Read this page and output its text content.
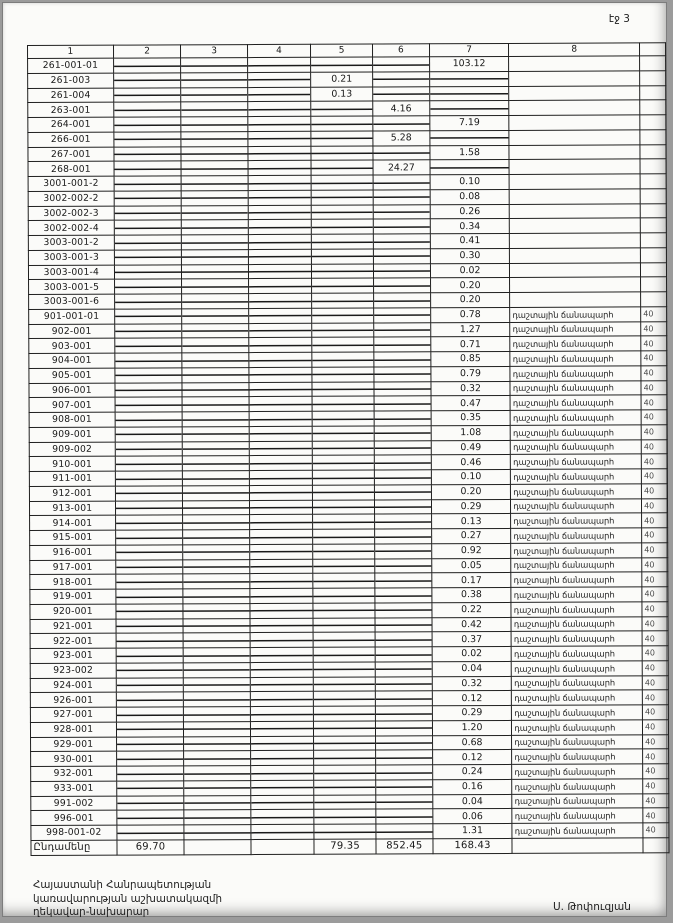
էջ 3
1	2	3	4	5	6	7	8	
261-001-01						103.12		
261-003				0.21				
261-004				0.13				
263-001					4.16			
264-001						7.19		
266-001					5.28			
267-001						1.58		
268-001					24.27			
3001-001-2						0.10		
3002-002-2						0.08		
3002-002-3						0.26		
3002-002-4						0.34		
3003-001-2						0.41		
3003-001-3						0.30		
3003-001-4						0.02		
3003-001-5						0.20		
3003-001-6						0.20		
901-001-01						0.78	դաշտային ճանապարհ	40
902-001						1.27	դաշտային ճանապարհ	40
903-001						0.71	դաշտային ճանապարհ	40
904-001						0.85	դաշտային ճանապարհ	40
905-001						0.79	դաշտային ճանապարհ	40
906-001						0.32	դաշտային ճանապարհ	40
907-001						0.47	դաշտային ճանապարհ	40
908-001						0.35	դաշտային ճանապարհ	40
909-001						1.08	դաշտային ճանապարհ	40
909-002						0.49	դաշտային ճանապարհ	40
910-001						0.46	դաշտային ճանապարհ	40
911-001						0.10	դաշտային ճանապարհ	40
912-001						0.20	դաշտային ճանապարհ	40
913-001						0.29	դաշտային ճանապարհ	40
914-001						0.13	դաշտային ճանապարհ	40
915-001						0.27	դաշտային ճանապարհ	40
916-001						0.92	դաշտային ճանապարհ	40
917-001						0.05	դաշտային ճանապարհ	40
918-001						0.17	դաշտային ճանապարհ	40
919-001						0.38	դաշտային ճանապարհ	40
920-001						0.22	դաշտային ճանապարհ	40
921-001						0.42	դաշտային ճանապարհ	40
922-001						0.37	դաշտային ճանապարհ	40
923-001						0.02	դաշտային ճանապարհ	40
923-002						0.04	դաշտային ճանապարհ	40
924-001						0.32	դաշտային ճանապարհ	40
926-001						0.12	դաշտային ճանապարհ	40
927-001						0.29	դաշտային ճանապարհ	40
928-001						1.20	դաշտային ճանապարհ	40
929-001						0.68	դաշտային ճանապարհ	40
930-001						0.12	դաշտային ճանապարհ	40
932-001						0.24	դաշտային ճանապարհ	40
933-001						0.16	դաշտային ճանապարհ	40
991-002						0.04	դաշտային ճանապարհ	40
996-001						0.06	դաշտային ճանապարհ	40
998-001-02						1.31	դաշտային ճանապարհ	40
Ընդամենը	69.70			79.35	852.45	168.43		
Հայաստանի Հանրապետության
կառավարության աշխատակազմի
ղեկավար-նախարար	Ս. Թոփուզյան
